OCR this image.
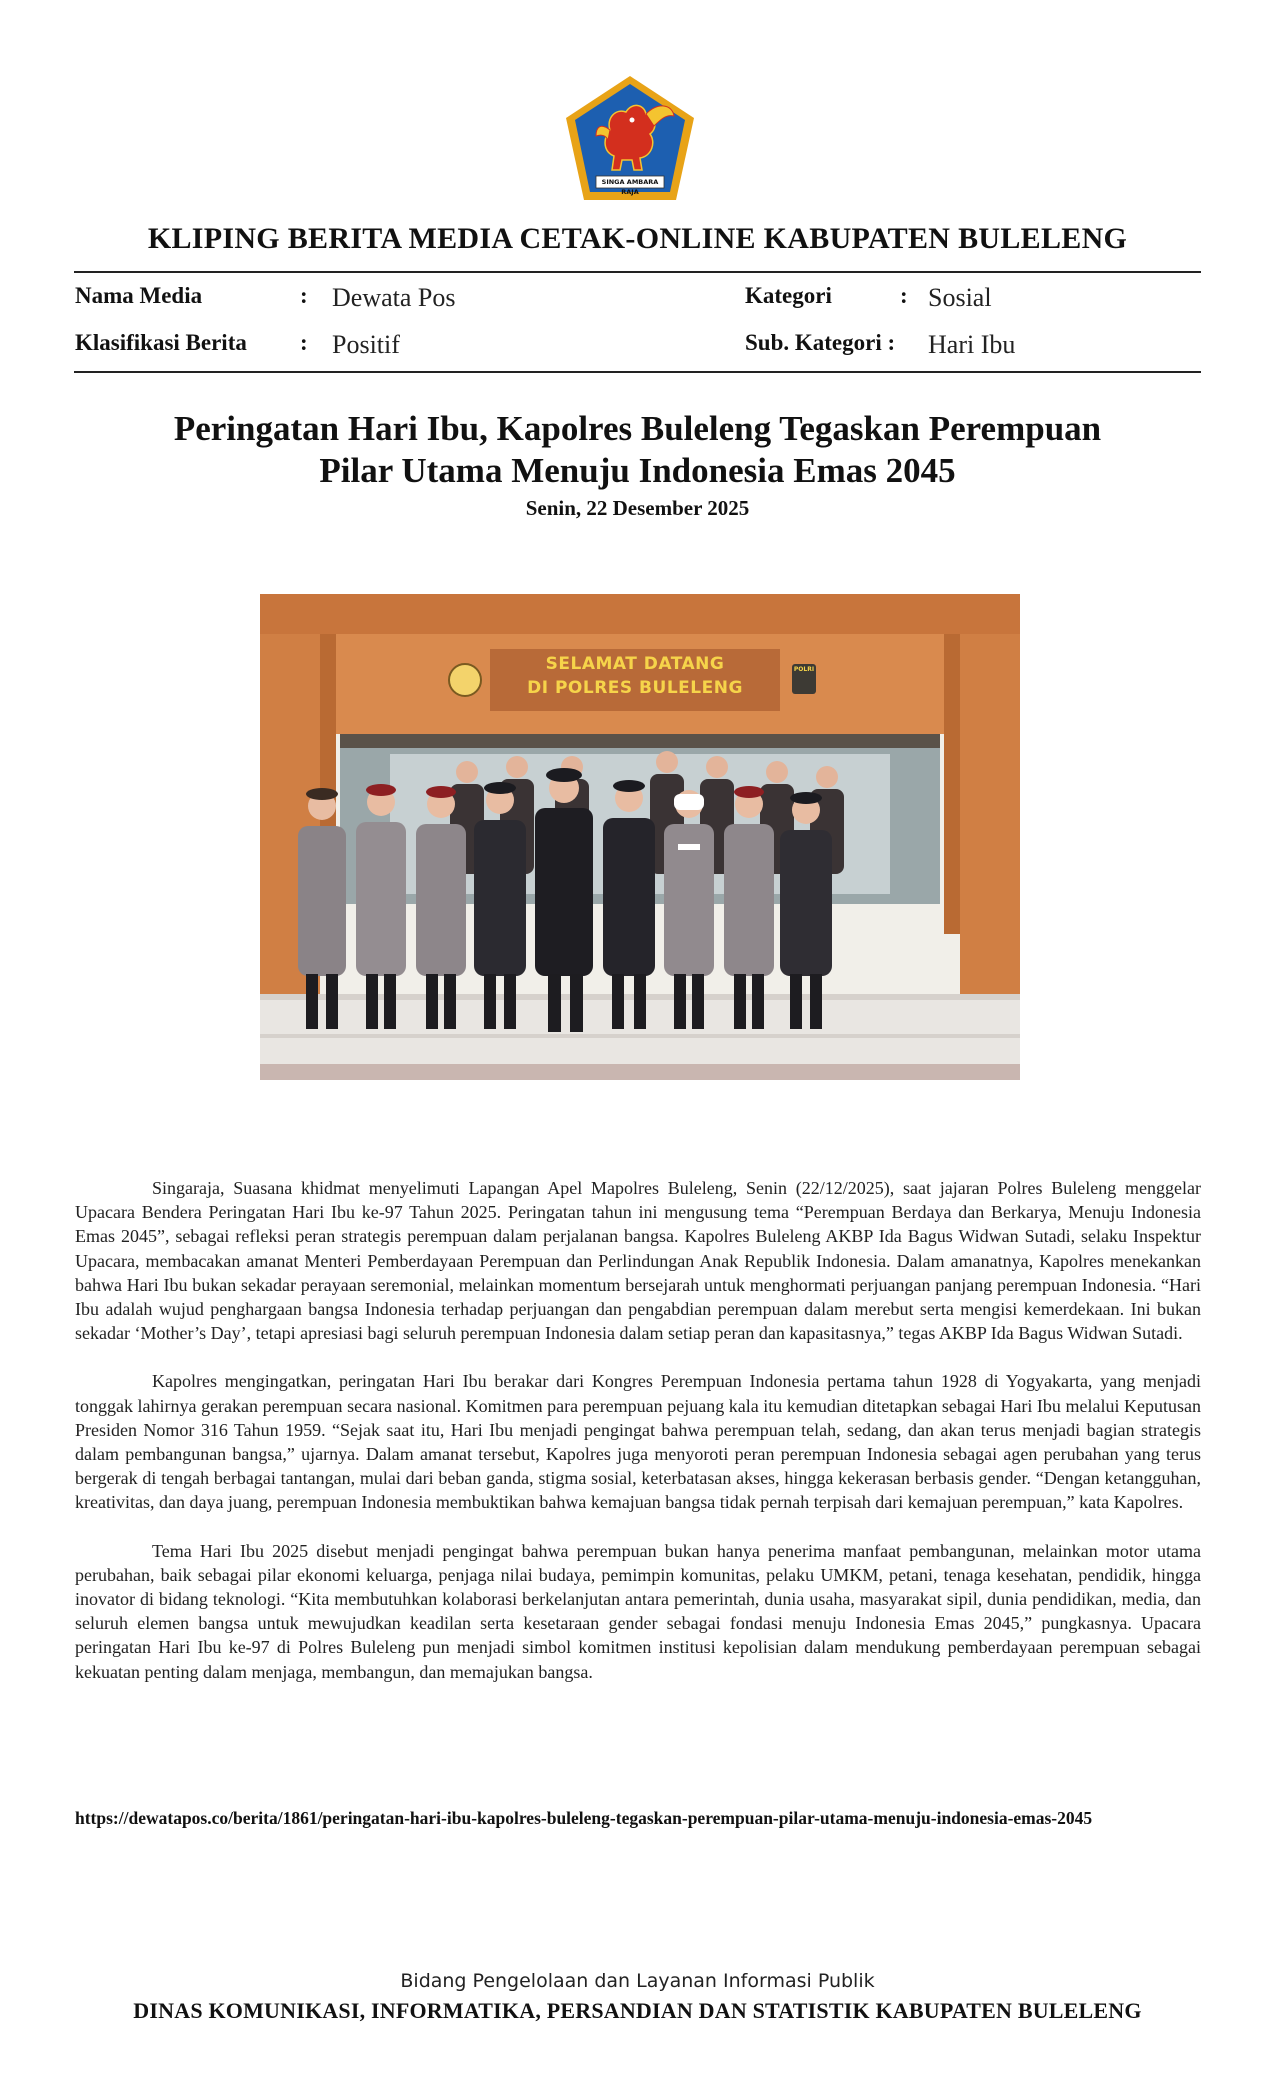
SINGA AMBARA RAJA
KLIPING BERITA MEDIA CETAK-ONLINE KABUPATEN BULELENG
Nama Media	: Dewata Pos	Kategori	: Sosial
Klasifikasi Berita : Positif	Sub. Kategori : Hari Ibu
Peringatan Hari Ibu, Kapolres Buleleng Tegaskan Perempuan
Pilar Utama Menuju Indonesia Emas 2045
Senin, 22 Desember 2025
SELAMAT DATANG
DI POLRES BULELENG
POLRI

Singaraja, Suasana khidmat menyelimuti Lapangan Apel Mapolres Buleleng, Senin (22/12/2025), saat jajaran Polres Buleleng menggelar Upacara Bendera Peringatan Hari Ibu ke-97 Tahun 2025. Peringatan tahun ini mengusung tema “Perempuan Berdaya dan Berkarya, Menuju Indonesia Emas 2045”, sebagai refleksi peran strategis perempuan dalam perjalanan bangsa. Kapolres Buleleng AKBP Ida Bagus Widwan Sutadi, selaku Inspektur Upacara, membacakan amanat Menteri Pemberdayaan Perempuan dan Perlindungan Anak Republik Indonesia. Dalam amanatnya, Kapolres menekankan bahwa Hari Ibu bukan sekadar perayaan seremonial, melainkan momentum bersejarah untuk menghormati perjuangan panjang perempuan Indonesia. “Hari Ibu adalah wujud penghargaan bangsa Indonesia terhadap perjuangan dan pengabdian perempuan dalam merebut serta mengisi kemerdekaan. Ini bukan sekadar ‘Mother’s Day’, tetapi apresiasi bagi seluruh perempuan Indonesia dalam setiap peran dan kapasitasnya,” tegas AKBP Ida Bagus Widwan Sutadi.

Kapolres mengingatkan, peringatan Hari Ibu berakar dari Kongres Perempuan Indonesia pertama tahun 1928 di Yogyakarta, yang menjadi tonggak lahirnya gerakan perempuan secara nasional. Komitmen para perempuan pejuang kala itu kemudian ditetapkan sebagai Hari Ibu melalui Keputusan Presiden Nomor 316 Tahun 1959. “Sejak saat itu, Hari Ibu menjadi pengingat bahwa perempuan telah, sedang, dan akan terus menjadi bagian strategis dalam pembangunan bangsa,” ujarnya. Dalam amanat tersebut, Kapolres juga menyoroti peran perempuan Indonesia sebagai agen perubahan yang terus bergerak di tengah berbagai tantangan, mulai dari beban ganda, stigma sosial, keterbatasan akses, hingga kekerasan berbasis gender. “Dengan ketangguhan, kreativitas, dan daya juang, perempuan Indonesia membuktikan bahwa kemajuan bangsa tidak pernah terpisah dari kemajuan perempuan,” kata Kapolres.

Tema Hari Ibu 2025 disebut menjadi pengingat bahwa perempuan bukan hanya penerima manfaat pembangunan, melainkan motor utama perubahan, baik sebagai pilar ekonomi keluarga, penjaga nilai budaya, pemimpin komunitas, pelaku UMKM, petani, tenaga kesehatan, pendidik, hingga inovator di bidang teknologi. “Kita membutuhkan kolaborasi berkelanjutan antara pemerintah, dunia usaha, masyarakat sipil, dunia pendidikan, media, dan seluruh elemen bangsa untuk mewujudkan keadilan serta kesetaraan gender sebagai fondasi menuju Indonesia Emas 2045,” pungkasnya. Upacara peringatan Hari Ibu ke-97 di Polres Buleleng pun menjadi simbol komitmen institusi kepolisian dalam mendukung pemberdayaan perempuan sebagai kekuatan penting dalam menjaga, membangun, dan memajukan bangsa.

https://dewatapos.co/berita/1861/peringatan-hari-ibu-kapolres-buleleng-tegaskan-perempuan-pilar-utama-menuju-indonesia-emas-2045
Bidang Pengelolaan dan Layanan Informasi Publik
DINAS KOMUNIKASI, INFORMATIKA, PERSANDIAN DAN STATISTIK KABUPATEN BULELENG
